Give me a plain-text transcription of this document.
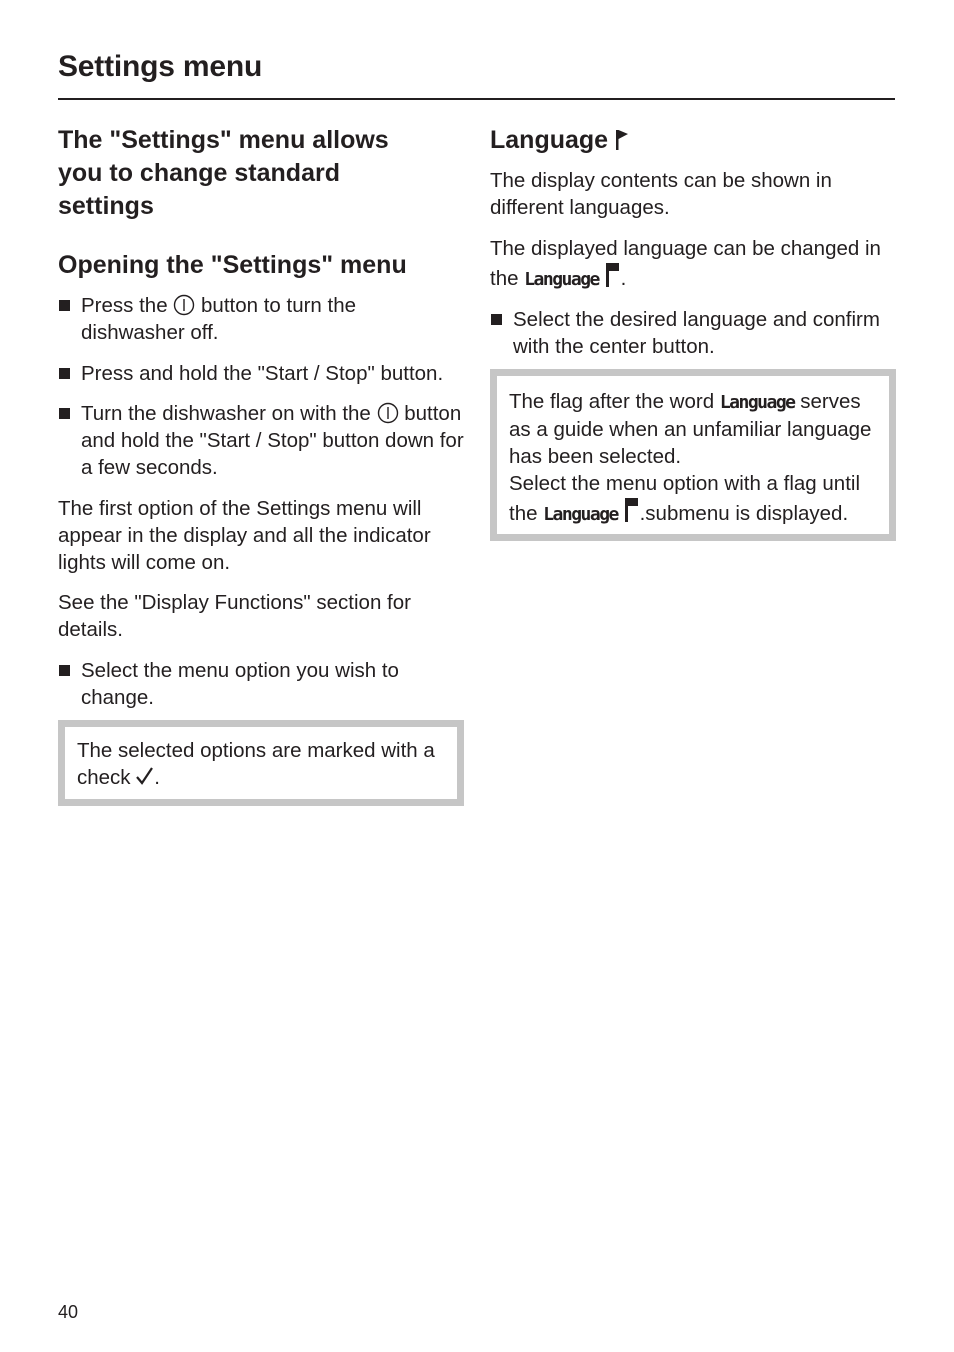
Settings menu
The "Settings" menu allows you to change standard settings
Opening the "Settings" menu
Press the button to turn the dishwasher off.
Press and hold the "Start / Stop" button.
Turn the dishwasher on with the button and hold the "Start / Stop" button down for a few seconds.

The first option of the Settings menu will appear in the display and all the indicator lights will come on.

See the "Display Functions" section for details.

Select the menu option you wish to change.
The selected options are marked with a check .
Language

The display contents can be shown in different languages.

The displayed language can be changed in the Language .

Select the desired language and confirm with the center button.
The flag after the word Language serves as a guide when an unfamiliar language has been selected.
Select the menu option with a flag until the Language .submenu is displayed.
40
